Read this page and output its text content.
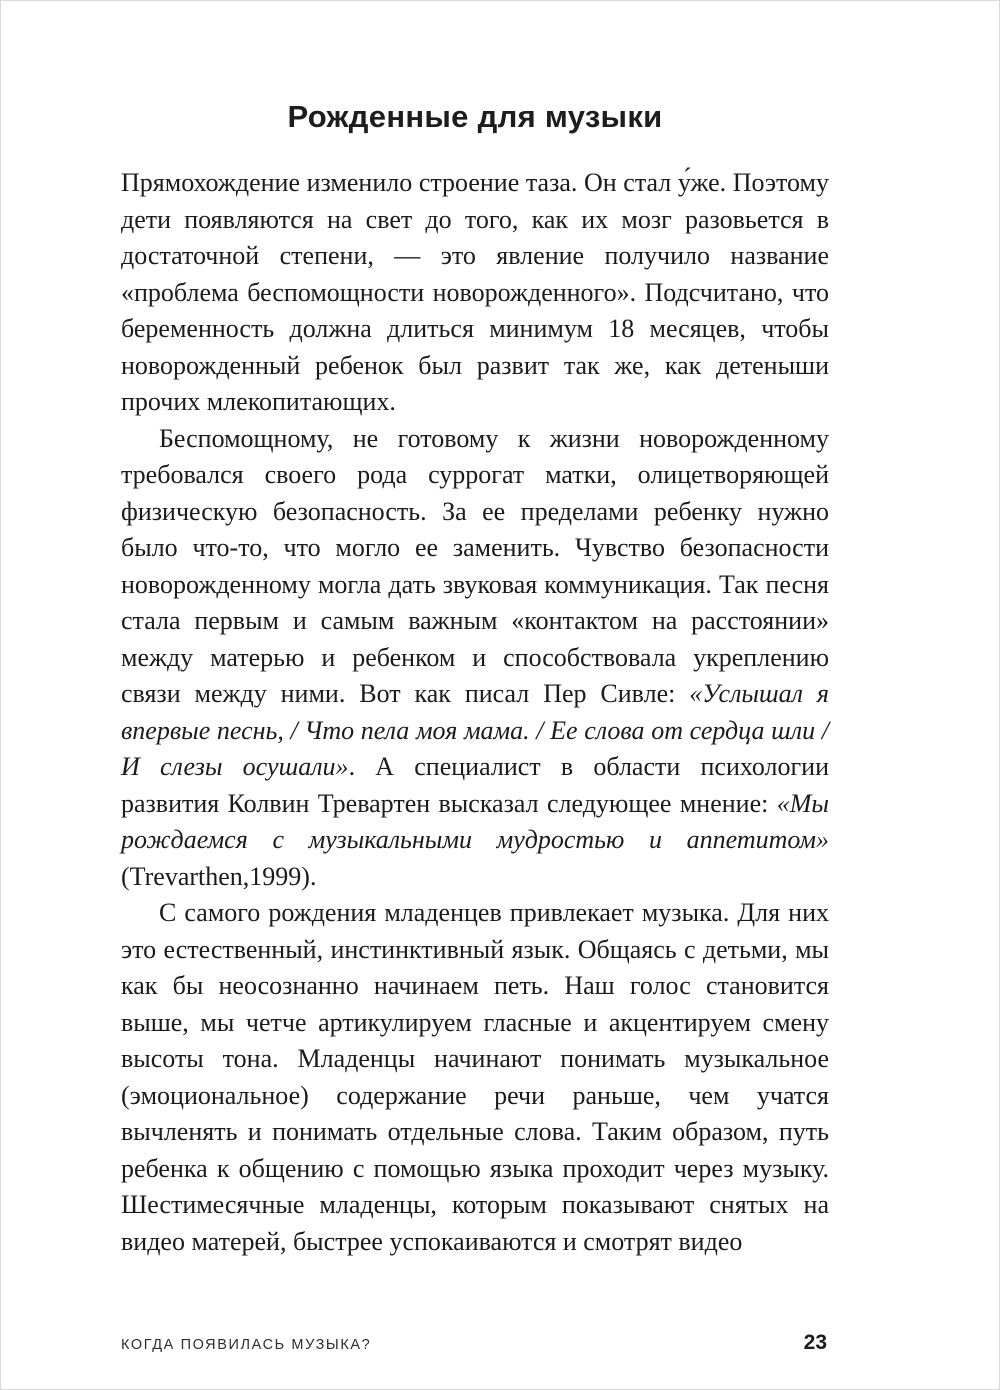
Рожденные для музыки

Прямохождение изменило строение таза. Он стал у́же. Поэтому дети появляются на свет до того, как их мозг разовьется в достаточной степени, — это явление получило название «проблема беспомощности новорожденного». Подсчитано, что беременность должна длиться минимум 18 месяцев, чтобы новорожденный ребенок был развит так же, как детеныши прочих млекопитающих.

Беспомощному, не готовому к жизни новорожденному требовался своего рода суррогат матки, олицетворяющей физическую безопасность. За ее пределами ребенку нужно было что-то, что могло ее заменить. Чувство безопасности новорожденному могла дать звуковая коммуникация. Так песня стала первым и самым важным «контактом на расстоянии» между матерью и ребенком и способствовала укреплению связи между ними. Вот как писал Пер Сивле: «Услышал я впервые песнь, / Что пела моя мама. / Ее слова от сердца шли / И слезы осушали». А специалист в области психологии развития Колвин Тревартен высказал следующее мнение: «Мы рождаемся с музыкальными мудростью и аппетитом» (Trevarthen,1999).

С самого рождения младенцев привлекает музыка. Для них это естественный, инстинктивный язык. Общаясь с детьми, мы как бы неосознанно начинаем петь. Наш голос становится выше, мы четче артикулируем гласные и акцентируем смену высоты тона. Младенцы начинают понимать музыкальное (эмоциональное) содержание речи раньше, чем учатся вычленять и понимать отдельные слова. Таким образом, путь ребенка к общению с помощью языка проходит через музыку. Шестимесячные младенцы, которым показывают снятых на видео матерей, быстрее успокаиваются и смотрят видео

КОГДА ПОЯВИЛАСЬ МУЗЫКА?	23
